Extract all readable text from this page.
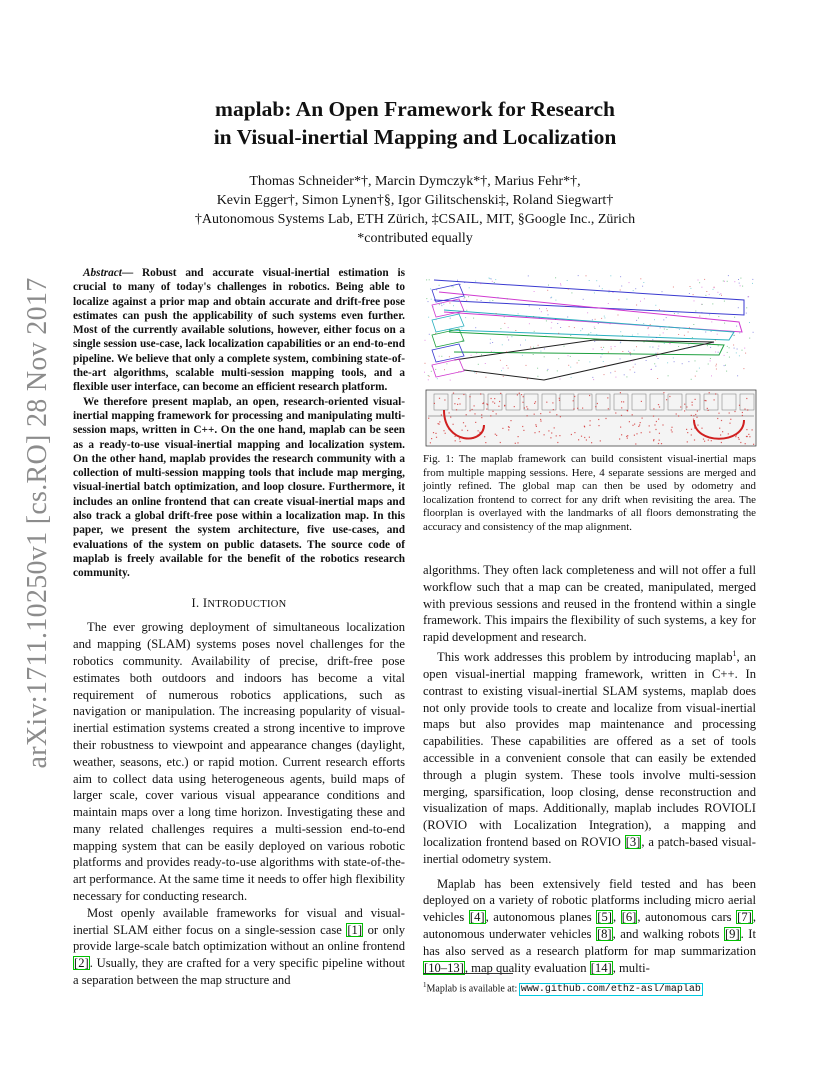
arXiv:1711.10250v1 [cs.RO] 28 Nov 2017
maplab: An Open Framework for Research
in Visual-inertial Mapping and Localization
Thomas Schneider*†, Marcin Dymczyk*†, Marius Fehr*†,
Kevin Egger†, Simon Lynen†§, Igor Gilitschenski‡, Roland Siegwart†
†Autonomous Systems Lab, ETH Zürich, ‡CSAIL, MIT, §Google Inc., Zürich
*contributed equally

Abstract— Robust and accurate visual-inertial estimation is crucial to many of today's challenges in robotics. Being able to localize against a prior map and obtain accurate and drift-free pose estimates can push the applicability of such systems even further. Most of the currently available solutions, however, either focus on a single session use-case, lack localization capabilities or an end-to-end pipeline. We believe that only a complete system, combining state-of-the-art algorithms, scalable multi-session mapping tools, and a flexible user interface, can become an efficient research platform.

We therefore present maplab, an open, research-oriented visual-inertial mapping framework for processing and manipulating multi-session maps, written in C++. On the one hand, maplab can be seen as a ready-to-use visual-inertial mapping and localization system. On the other hand, maplab provides the research community with a collection of multi-session mapping tools that include map merging, visual-inertial batch optimization, and loop closure. Furthermore, it includes an online frontend that can create visual-inertial maps and also track a global drift-free pose within a localization map. In this paper, we present the system architecture, five use-cases, and evaluations of the system on public datasets. The source code of maplab is freely available for the benefit of the robotics research community.

I. INTRODUCTION

The ever growing deployment of simultaneous localization and mapping (SLAM) systems poses novel challenges for the robotics community. Availability of precise, drift-free pose estimates both outdoors and indoors has become a vital requirement of numerous robotics applications, such as navigation or manipulation. The increasing popularity of visual-inertial estimation systems created a strong incentive to improve their robustness to viewpoint and appearance changes (daylight, weather, seasons, etc.) or rapid motion. Current research efforts aim to collect data using heterogeneous agents, build maps of larger scale, cover various visual appearance conditions and maintain maps over a long time horizon. Investigating these and many related challenges requires a multi-session end-to-end mapping system that can be easily deployed on various robotic platforms and provides ready-to-use algorithms with state-of-the-art performance. At the same time it needs to offer high flexibility necessary for conducting research.

Most openly available frameworks for visual and visual-inertial SLAM either focus on a single-session case [1] or only provide large-scale batch optimization without an online frontend [2]. Usually, they are crafted for a very specific pipeline without a separation between the map structure and

Fig. 1: The maplab framework can build consistent visual-inertial maps from multiple mapping sessions. Here, 4 separate sessions are merged and jointly refined. The global map can then be used by odometry and localization frontend to correct for any drift when revisiting the area. The floorplan is overlayed with the landmarks of all floors demonstrating the accuracy and consistency of the map alignment.

algorithms. They often lack completeness and will not offer a full workflow such that a map can be created, manipulated, merged with previous sessions and reused in the frontend within a single framework. This impairs the flexibility of such systems, a key for rapid development and research.

This work addresses this problem by introducing maplab$^1$, an open visual-inertial mapping framework, written in C++. In contrast to existing visual-inertial SLAM systems, maplab does not only provide tools to create and localize from visual-inertial maps but also provides map maintenance and processing capabilities. These capabilities are offered as a set of tools accessible in a convenient console that can easily be extended through a plugin system. These tools involve multi-session merging, sparsification, loop closing, dense reconstruction and visualization of maps. Additionally, maplab includes ROVIOLI (ROVIO with Localization Integration), a mapping and localization frontend based on ROVIO [3], a patch-based visual-inertial odometry system.

Maplab has been extensively field tested and has been deployed on a variety of robotic platforms including micro aerial vehicles [4], autonomous planes [5], [6], autonomous cars [7], autonomous underwater vehicles [8], and walking robots [9]. It has also served as a research platform for map summarization [10–13], map quality evaluation [14], multi-

$^1$Maplab is available at: www.github.com/ethz-asl/maplab
